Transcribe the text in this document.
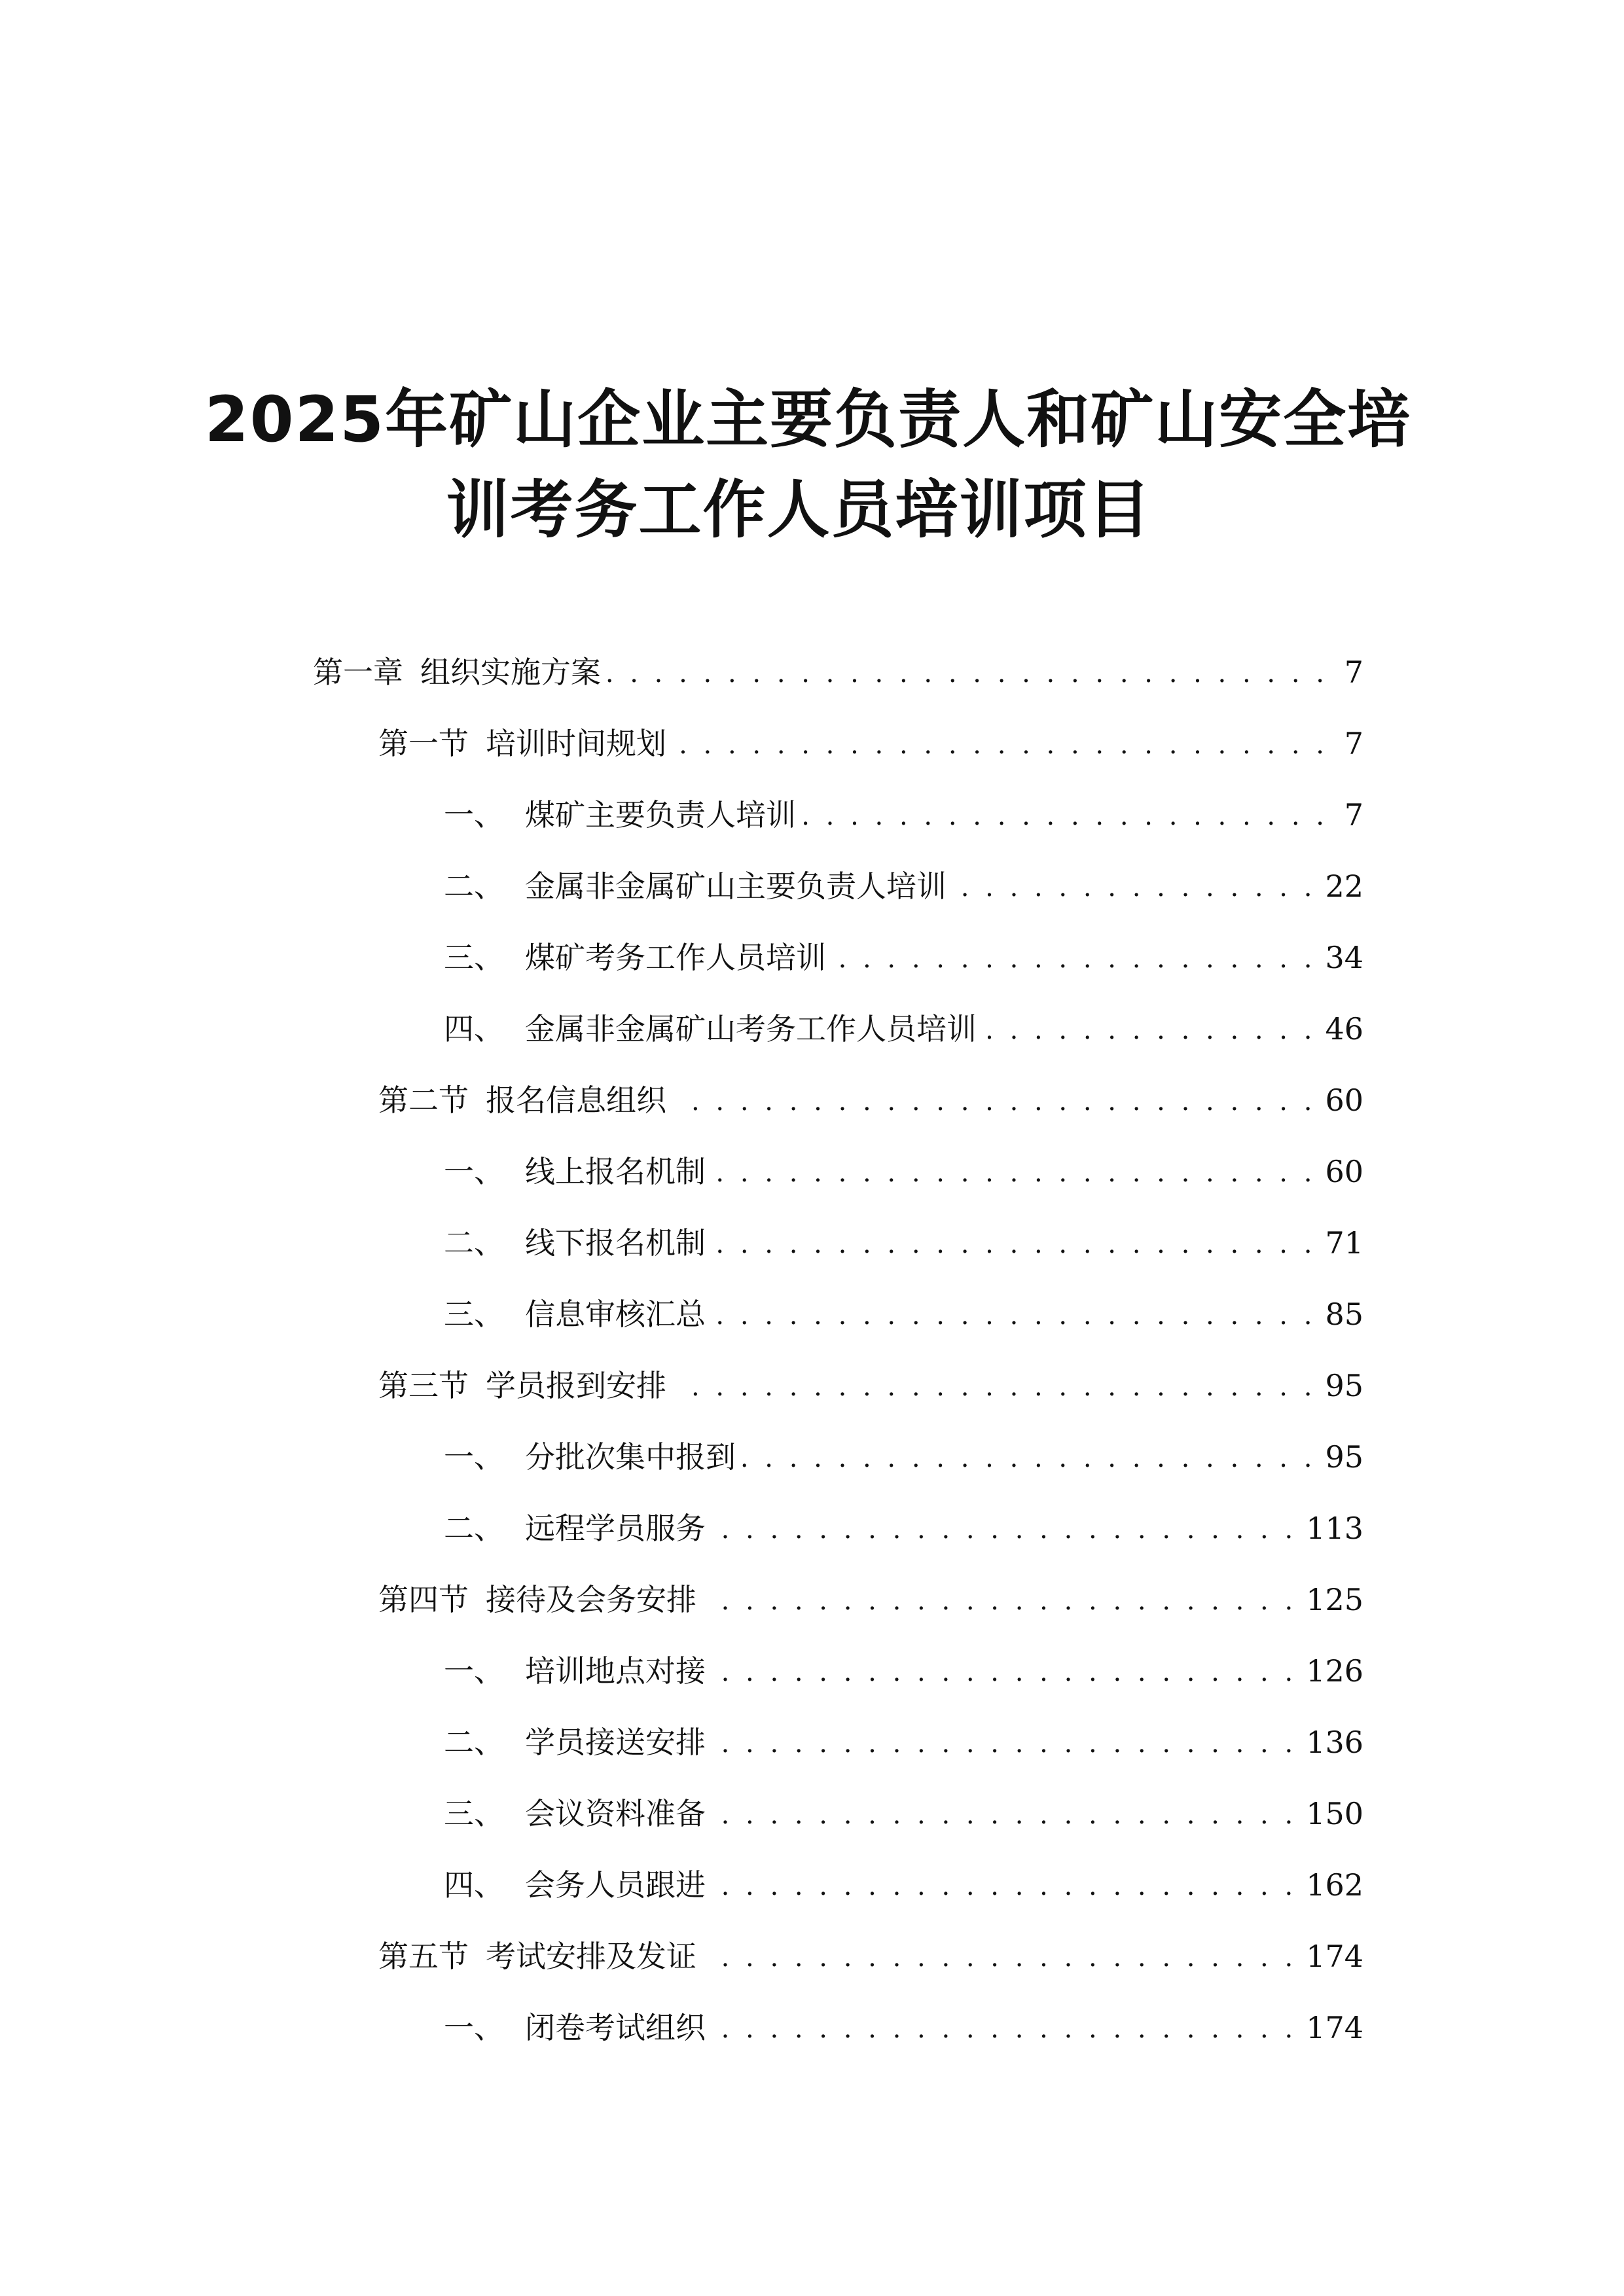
2025年矿山企业主要负责人和矿山安全培
训考务工作人员培训项目
第一章 组织实施方案 . . .	7
第一节 培训时间规划 . . .	7
一、 煤矿主要负责人培训 . . .	7
二、 金属非金属矿山主要负责人培训 . . .	22
三、 煤矿考务工作人员培训 . . .	34
四、 金属非金属矿山考务工作人员培训 . . .	46
第二节 报名信息组织 . . .	60
一、 线上报名机制 . . .	60
二、 线下报名机制 . . .	71
三、 信息审核汇总 . . .	85
第三节 学员报到安排 . . .	95
一、 分批次集中报到 . . .	95
二、 远程学员服务 . . .	113
第四节 接待及会务安排 . . .	125
一、 培训地点对接 . . .	126
二、 学员接送安排 . . .	136
三、 会议资料准备 . . .	150
四、 会务人员跟进 . . .	162
第五节 考试安排及发证 . . .	174
一、 闭卷考试组织 . . .	174
